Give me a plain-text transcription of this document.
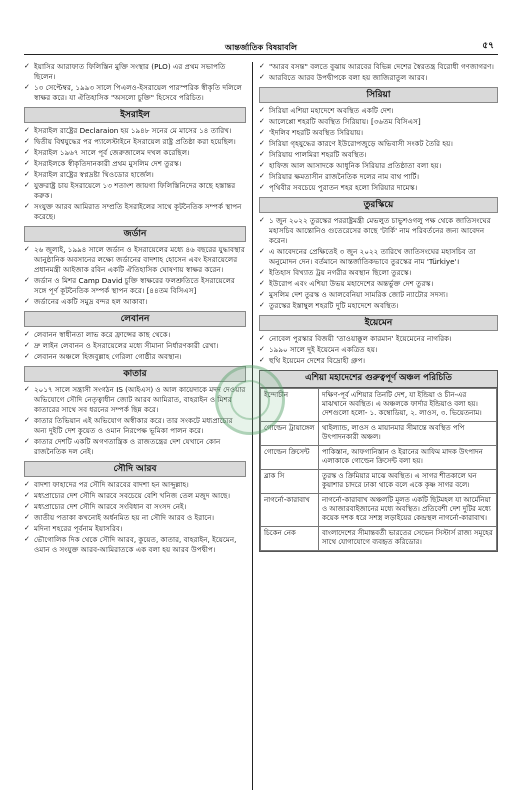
আন্তর্জাতিক বিষয়াবলি	৫৭
✓ ইয়াসির আরাফাত ফিলিস্তিন মুক্তি সংস্থার (PLO) এর প্রথম সভাপতি ছিলেন।
✓ ১৩ সেপ্টেম্বর, ১৯৯৩ সালে পিএলও-ইসরায়েল পারস্পরিক স্বীকৃতি দলিলে স্বাক্ষর করে। যা ঐতিহাসিক "অসলো চুক্তি" হিসেবে পরিচিত।
ইসরাইল
✓ ইসরাইল রাষ্ট্রের Declaraion হয় ১৯৪৮ সনের মে মাসের ১৪ তারিখ।
✓ দ্বিতীয় বিশ্বযুদ্ধের পর প্যালেস্টাইনে ইসরায়েল রাষ্ট্র প্রতিষ্ঠা করা হয়েছিল।
✓ ইসরাইল ১৯৬৭ সালে পূর্ব জেরুজালেম দখল করেছিল।
✓ ইসরাইলকে স্বীকৃতিদানকারী প্রথম মুসলিম দেশ তুরস্ক।
✓ ইসরাইল রাষ্ট্রের স্বপ্নদ্রষ্টা থিওডোর হার্জেল।
✓ যুক্তরাষ্ট্র চায় ইসরায়েলে ১৩ শতাংশ জায়গা ফিলিস্তিনিদের কাছে হস্তান্তর করুক।
✓ সংযুক্ত আরব আমিরাত সম্প্রতি ইসরাইলের সাথে কূটনৈতিক সম্পর্ক স্থাপন করেছে।
জর্ডান
✓ ২৬ জুলাই, ১৯৯৪ সালে জর্ডান ও ইসরায়েলের মধ্যে ৪৬ বছরের যুদ্ধাবস্থার আনুষ্ঠানিক অবসানের লক্ষ্যে জর্ডানের বাদশাহ হোসেন এবং ইসরায়েলের প্রধানমন্ত্রী আইজাক রবিন একটি ঐতিহাসিক ঘোষণায় স্বাক্ষর করেন।
✓ জর্ডান ও মিশর Camp David চুক্তি স্বাক্ষরের ফলশ্রুতিতে ইসরায়েলের সঙ্গে পূর্ণ কূটনৈতিক সম্পর্ক স্থাপন করে। [৪৪তম বিসিএস]
✓ জর্ডানের একটি সমুদ্র বন্দর হল আকাবা।
লেবানন
✓ লেবানন স্বাধীনতা লাভ করে ফ্রান্সের কাছ থেকে।
✓ দ্রু লাইন লেবানন ও ইসরায়েলের মধ্যে সীমানা নির্ধারণকারী রেখা।
✓ লেবানন অঞ্চলে হিজবুল্লাহ গেরিলা গোষ্ঠীর অবস্থান।
কাতার
✓ ২০১৭ সালে সন্ত্রাসী সংগঠন IS (আইএস) ও আল কায়েদাকে মদদ দেওয়ার অভিযোগে সৌদি নেতৃত্বাধীন জোট আরব আমিরাত, বাহরাইন ও মিশর কাতারের সাথে সব ধরনের সম্পর্ক ছিন্ন করে।
✓ কাতার তিভিয়ান এই অভিযোগ অস্বীকার করে। তার সংকটে মধ্যপ্রাচ্যের অন্য দুইটি দেশ কুয়েত ও ওমান নিরপেক্ষ ভূমিকা পালন করে।
✓ কাতার দেশটি একটি অগণতান্ত্রিক ও রাজতন্ত্রের দেশ যেখানে কোন রাজনৈতিক দল নেই।
সৌদি আরব
✓ বাদশা ফাহাদের পর সৌদি আরবের বাদশা হন আব্দুল্লাহ।
✓ মধ্যপ্রাচ্যের দেশ সৌদি আরবে সবচেয়ে বেশি খনিজ তেল মজুদ আছে।
✓ মধ্যপ্রাচ্যের দেশ সৌদি আরবে সংবিধান বা সংসদ নেই।
✓ জাতীয় পতাকা কখনোই অর্ধনমিত হয় না সৌদি আরব ও ইরানে।
✓ মদিনা শহরের পূর্বনাম ইয়াসরিব।
✓ ভৌগোলিক দিক থেকে সৌদি আরব, কুয়েত, কাতার, বাহরাইন, ইয়েমেন, ওমান ও সংযুক্ত আরব-আমিরাতকে এক বলা হয় আরব উপদ্বীপ।
✓ "আরব বসন্ত" বলতে বুঝায় আরবের বিভিন্ন দেশের স্বৈরতন্ত্র বিরোধী গণজাগরণ।
✓ আরবিতে আরব উপদ্বীপকে বলা হয় জাজিরাতুল আরব।
সিরিয়া
✓ সিরিয়া এশিয়া মহাদেশে অবস্থিত একটি দেশ।
✓ আলেপ্পো শহরটি অবস্থিত সিরিয়ায়। [৩৬তম বিসিএস]
✓ 'ইদলিব শহরটি অবস্থিত সিরিয়ায়।
✓ সিরিয়া গৃহযুদ্ধের কারণে ইউরোপজুড়ে অভিবাসী সংকট তৈরি হয়।
✓ সিরিয়ায় পালমিরা শহরটি অবস্থিত।
✓ হাফিজ আল আসাদকে আধুনিক সিরিয়ার প্রতিষ্ঠাতা বলা হয়।
✓ সিরিয়ার ক্ষমতাসীন রাজনৈতিক দলের নাম বাথ পার্টি।
✓ পৃথিবীর সবচেয়ে পুরাতন শহর হলো সিরিয়ার দামেস্ক।
তুরস্কিয়ে
✓ ১ জুন ২০২২ তুরস্কের পররাষ্ট্রমন্ত্রী মেভলুত চাভুশওগলু পক্ষ থেকে জাতিসংঘের মহাসচিব আন্তোনিও গুতেরেসের কাছে 'টার্কি' নাম পরিবর্তনের জন্য আবেদন করেন।
✓ এ আবেদনের প্রেক্ষিতেই ৩ জুন ২০২২ তারিখে জাতিসংঘের মহাসচিব তা অনুমোদন দেন। বর্তমানে আন্তর্জাতিকভাবে তুরস্কের নাম 'Türkiye'।
✓ ইতিহাস বিখ্যাত ট্রয় নগরীর অবস্থান ছিলো তুরস্কে।
✓ ইউরোপ এবং এশিয়া উভয় মহাদেশের অন্তর্ভুক্ত দেশ তুরস্ক।
✓ মুসলিম দেশ তুরস্ক ও আলবেনিয়া সামরিক জোট ন্যাটোর সদস্য।
✓ তুরস্কের ইস্তাম্বুল শহরটি দুটি মহাদেশে অবস্থিত।
ইয়েমেন
✓ নোবেল পুরস্কার বিজয়ী 'তাওয়াক্কুল কারমান' ইয়েমেনের নাগরিক।
✓ ১৯৯০ সালে দুই ইয়েমেন একত্রিত হয়।
✓ হুথি ইয়েমেন দেশের বিদ্রোহী গ্রুপ।
এশিয়া মহাদেশের গুরুত্বপূর্ণ অঞ্চল পরিচিতি
ইন্দোচীন	দক্ষিণ-পূর্ব এশিয়ার তিনটি দেশ, যা ইন্ডিয়া ও চীন-এর মাঝখানে অবস্থিত। এ অঞ্চলকে ফার্দার ইন্ডিয়াও বলা হয়। দেশগুলো হলো- ১. কম্বোডিয়া, ২. লাওস, ৩. ভিয়েতনাম।
গোল্ডেন ট্রায়াঙ্গেল	থাইল্যান্ড, লাওস ও মায়ানমার সীমান্তে অবস্থিত পপি উৎপাদনকারী অঞ্চল।
গোল্ডেন ক্রিসেন্ট	পাকিস্তান, আফগানিস্তান ও ইরানের আফিম মাদক উৎপাদন এলাকাকে গোল্ডেন ক্রিসেন্ট বলা হয়।
ব্লাক সি	তুরস্ক ও ক্রিমিয়ার মাঝে অবস্থিত। এ সাগর শীতকালে ঘন কুয়াশার চাদরে ঢাকা থাকে বলে একে কৃষ্ণ সাগর বলে।
নাগর্নো-কারাবাখ	নাগর্নো-কারাবাখ অঞ্চলটি মূলত একটি ছিটমহল যা আর্মেনিয়া ও আজারবাইজানের মধ্যে অবস্থিত। প্রতিবেশী দেশ দুটির মধ্যে কয়েক দশক ধরে সশস্ত্র লড়াইয়ের কেন্দ্রস্থল নাগর্নো-কারাবাখ।
চিকেন নেক	বাংলাদেশের সীমান্তবর্তী ভারতের সেভেন সিস্টার্স রাজ্য সমূহের সাথে যোগাযোগে ব্যবহৃত করিডোর।
